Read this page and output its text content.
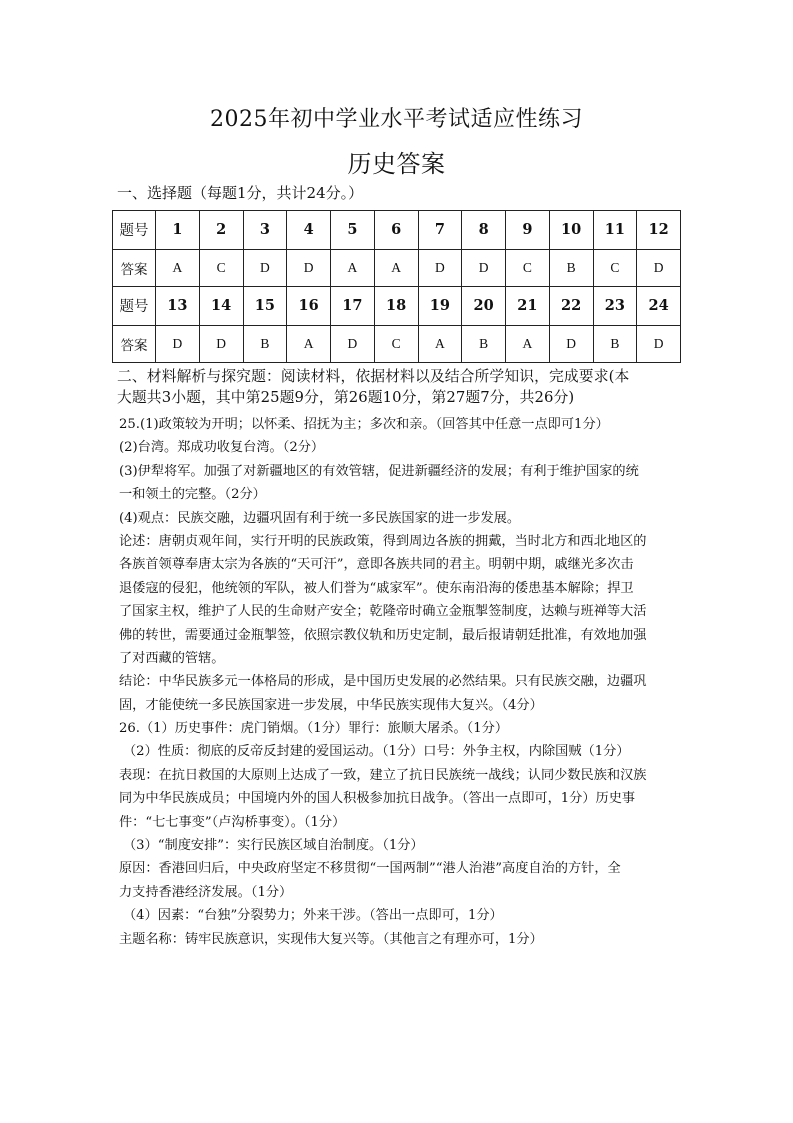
2025年初中学业水平考试适应性练习
历史答案
一、选择题（每题1分，共计24分。）
题号	1	2	3	4	5	6	7	8	9	10	11	12
答案	A	C	D	D	A	A	D	D	C	B	C	D
题号	13	14	15	16	17	18	19	20	21	22	23	24
答案	D	D	B	A	D	C	A	B	A	D	B	D
二、材料解析与探究题：阅读材料，依据材料以及结合所学知识，完成要求(本
大题共3小题，其中第25题9分，第26题10分，第27题7分，共26分)
25.(1)政策较为开明；以怀柔、招抚为主；多次和亲。（回答其中任意一点即可1分）
(2)台湾。郑成功收复台湾。（2分）
(3)伊犁将军。加强了对新疆地区的有效管辖，促进新疆经济的发展；有利于维护国家的统
一和领土的完整。（2分）
(4)观点：民族交融，边疆巩固有利于统一多民族国家的进一步发展。
论述：唐朝贞观年间，实行开明的民族政策，得到周边各族的拥戴，当时北方和西北地区的
各族首领尊奉唐太宗为各族的“天可汗”，意即各族共同的君主。明朝中期，戚继光多次击
退倭寇的侵犯，他统领的军队，被人们誉为“戚家军”。使东南沿海的倭患基本解除；捍卫
了国家主权，维护了人民的生命财产安全；乾隆帝时确立金瓶掣签制度，达赖与班禅等大活
佛的转世，需要通过金瓶掣签，依照宗教仪轨和历史定制，最后报请朝廷批准，有效地加强
了对西藏的管辖。
结论：中华民族多元一体格局的形成，是中国历史发展的必然结果。只有民族交融，边疆巩
固，才能使统一多民族国家进一步发展，中华民族实现伟大复兴。（4分）
26.（1）历史事件：虎门销烟。（1分）罪行：旅顺大屠杀。（1分）
（2）性质：彻底的反帝反封建的爱国运动。（1分）口号：外争主权，内除国贼（1分）
表现：在抗日救国的大原则上达成了一致，建立了抗日民族统一战线；认同少数民族和汉族
同为中华民族成员；中国境内外的国人积极参加抗日战争。（答出一点即可，1分）历史事
件：“七七事变”（卢沟桥事变）。（1分）
（3）“制度安排”：实行民族区域自治制度。（1分）
原因：香港回归后，中央政府坚定不移贯彻“一国两制”“港人治港”高度自治的方针，全
力支持香港经济发展。（1分）
（4）因素：“台独”分裂势力；外来干涉。（答出一点即可，1分）
主题名称：铸牢民族意识，实现伟大复兴等。（其他言之有理亦可，1分）
